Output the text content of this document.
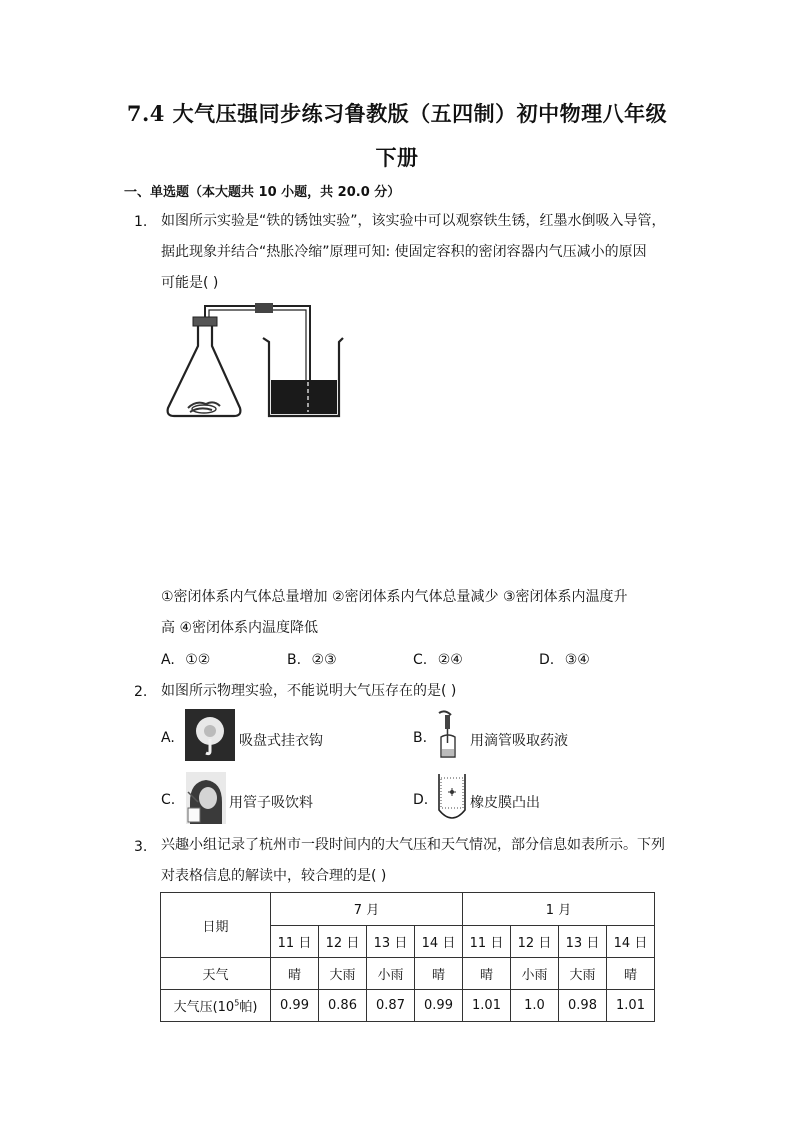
7.4 大气压强同步练习鲁教版（五四制）初中物理八年级
下册
一、单选题（本大题共 10 小题，共 20.0 分）
1. 如图所示实验是“铁的锈蚀实验”，该实验中可以观察铁生锈，红墨水倒吸入导管，
据此现象并结合“热胀冷缩”原理可知: 使固定容积的密闭容器内气压减小的原因
可能是( )
①密闭体系内气体总量增加 ②密闭体系内气体总量减少 ③密闭体系内温度升
高 ④密闭体系内温度降低
A. ①②	B. ②③	C. ②④	D. ③④
2. 如图所示物理实验，不能说明大气压存在的是( )
A.	吸盘式挂衣钩	B.	用滴管吸取药液
C.	用管子吸饮料	D.	橡皮膜凸出
3. 兴趣小组记录了杭州市一段时间内的大气压和天气情况，部分信息如表所示。下列
对表格信息的解读中，较合理的是( )
日期	7 月				1 月			
	11 日	12 日	13 日	14 日	11 日	12 日	13 日	14 日
天气	晴	大雨	小雨	晴	晴	小雨	大雨	晴
大气压($10^5$帕)	0.99	0.86	0.87	0.99	1.01	1.0	0.98	1.01
